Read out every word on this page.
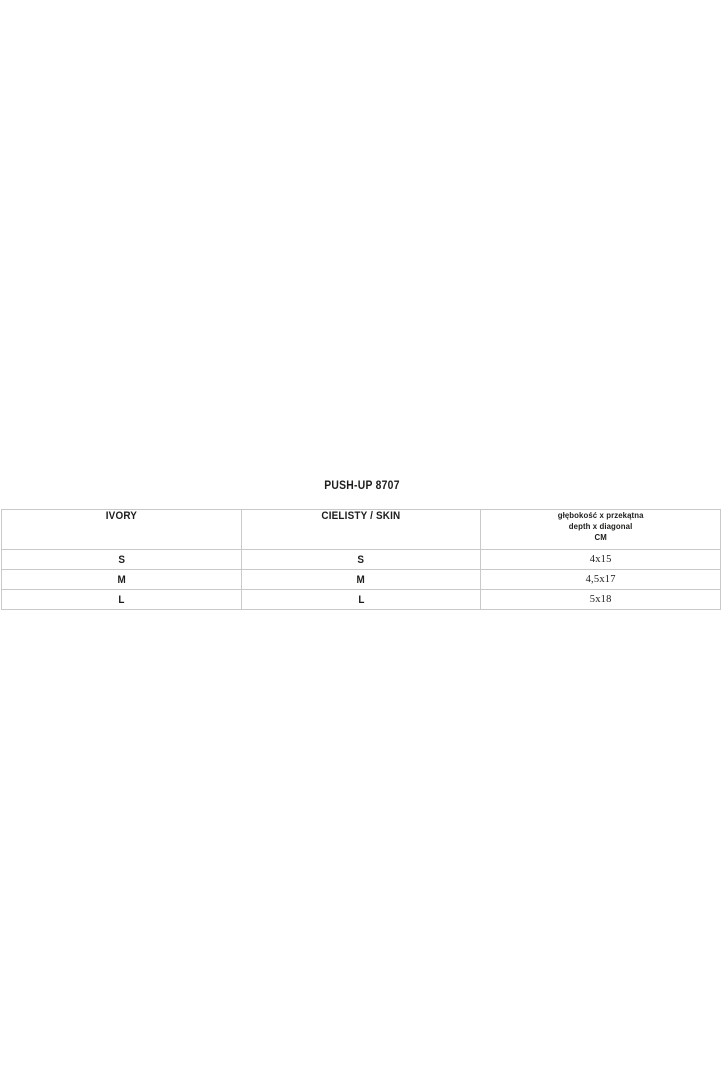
PUSH-UP 8707
IVORY	CIELISTY / SKIN	głębokość x przekątna
depth x diagonal
CM

S	S	4x15
M	M	4,5x17
L	L	5x18
